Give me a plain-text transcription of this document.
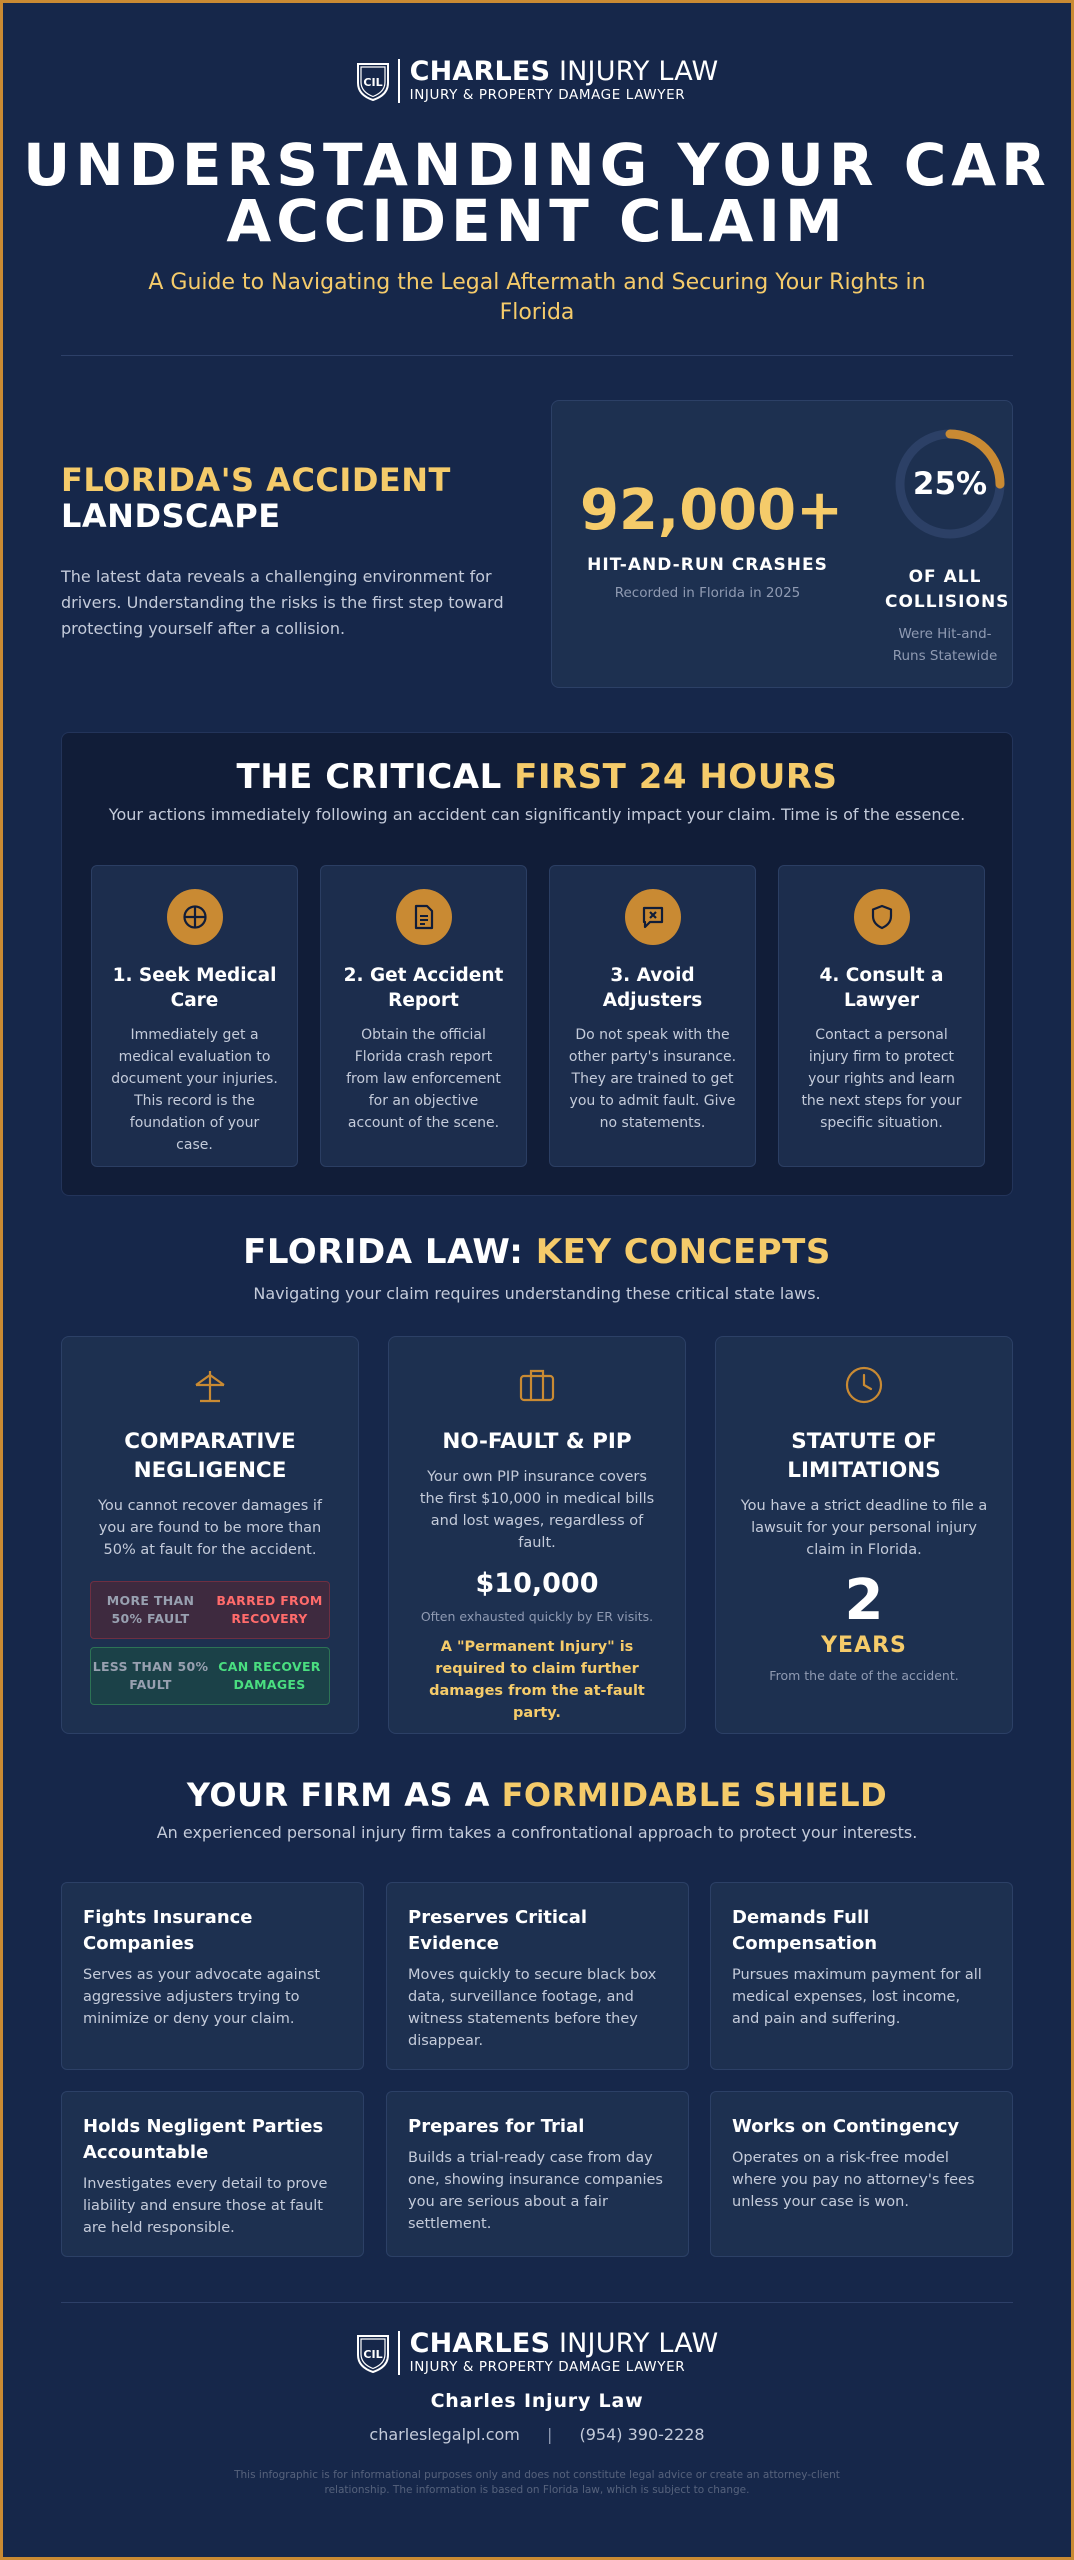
CIL CHARLES INJURY LAW
INJURY & PROPERTY DAMAGE LAWYER
UNDERSTANDING YOUR CAR
ACCIDENT CLAIM
A Guide to Navigating the Legal Aftermath and Securing Your Rights in Florida
FLORIDA'S ACCIDENT
LANDSCAPE

The latest data reveals a challenging environment for drivers. Understanding the risks is the first step toward protecting yourself after a collision.

92,000+
HIT-AND-RUN CRASHES
Recorded in Florida in 2025
25%
OF ALL COLLISIONS
Were Hit-and-Runs Statewide
THE CRITICAL FIRST 24 HOURS
Your actions immediately following an accident can significantly impact your claim. Time is of the essence.
1. Seek Medical Care

Immediately get a medical evaluation to document your injuries. This record is the foundation of your case.

2. Get Accident Report

Obtain the official Florida crash report from law enforcement for an objective account of the scene.

3. Avoid Adjusters

Do not speak with the other party's insurance. They are trained to get you to admit fault. Give no statements.

4. Consult a Lawyer

Contact a personal injury firm to protect your rights and learn the next steps for your specific situation.

FLORIDA LAW: KEY CONCEPTS
Navigating your claim requires understanding these critical state laws.
COMPARATIVE NEGLIGENCE

You cannot recover damages if you are found to be more than 50% at fault for the accident.

MORE THAN 50% FAULT
BARRED FROM RECOVERY
LESS THAN 50% FAULT
CAN RECOVER DAMAGES
NO-FAULT & PIP

Your own PIP insurance covers the first $10,000 in medical bills and lost wages, regardless of fault.

$10,000
Often exhausted quickly by ER visits.
A "Permanent Injury" is required to claim further damages from the at-fault party.
STATUTE OF LIMITATIONS

You have a strict deadline to file a lawsuit for your personal injury claim in Florida.

2
YEARS
From the date of the accident.
YOUR FIRM AS A FORMIDABLE SHIELD
An experienced personal injury firm takes a confrontational approach to protect your interests.
Fights Insurance Companies

Serves as your advocate against aggressive adjusters trying to minimize or deny your claim.

Preserves Critical Evidence

Moves quickly to secure black box data, surveillance footage, and witness statements before they disappear.

Demands Full Compensation

Pursues maximum payment for all medical expenses, lost income, and pain and suffering.

Holds Negligent Parties Accountable

Investigates every detail to prove liability and ensure those at fault are held responsible.

Prepares for Trial

Builds a trial-ready case from day one, showing insurance companies you are serious about a fair settlement.

Works on Contingency

Operates on a risk-free model where you pay no attorney's fees unless your case is won.

CIL CHARLES INJURY LAW
INJURY & PROPERTY DAMAGE LAWYER
Charles Injury Law
charleslegalpl.com | (954) 390-2228
This infographic is for informational purposes only and does not constitute legal advice or create an attorney-client relationship. The information is based on Florida law, which is subject to change.
